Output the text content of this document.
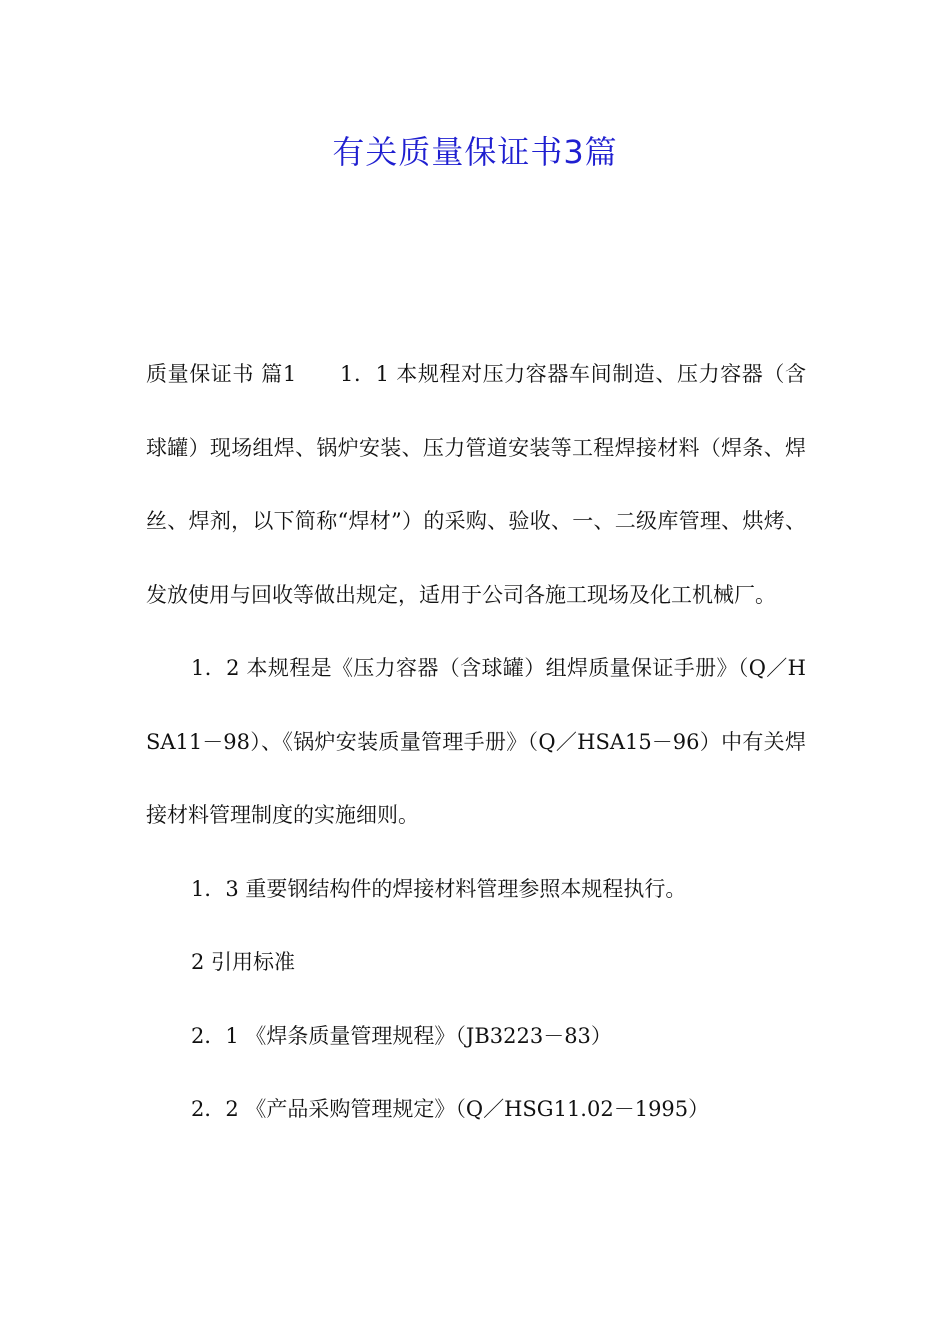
有关质量保证书3篇

质量保证书 篇1　　1．1 本规程对压力容器车间制造、压力容器（含球罐）现场组焊、锅炉安装、压力管道安装等工程焊接材料（焊条、焊丝、焊剂，以下简称“焊材”）的采购、验收、一、二级库管理、烘烤、发放使用与回收等做出规定，适用于公司各施工现场及化工机械厂。

1．2 本规程是《压力容器（含球罐）组焊质量保证手册》（Q／HSA11－98）、《锅炉安装质量管理手册》（Q／HSA15－96）中有关焊接材料管理制度的实施细则。

1．3 重要钢结构件的焊接材料管理参照本规程执行。

2 引用标准

2．1 《焊条质量管理规程》（JB3223－83）

2．2 《产品采购管理规定》（Q／HSG11.02－1995）
